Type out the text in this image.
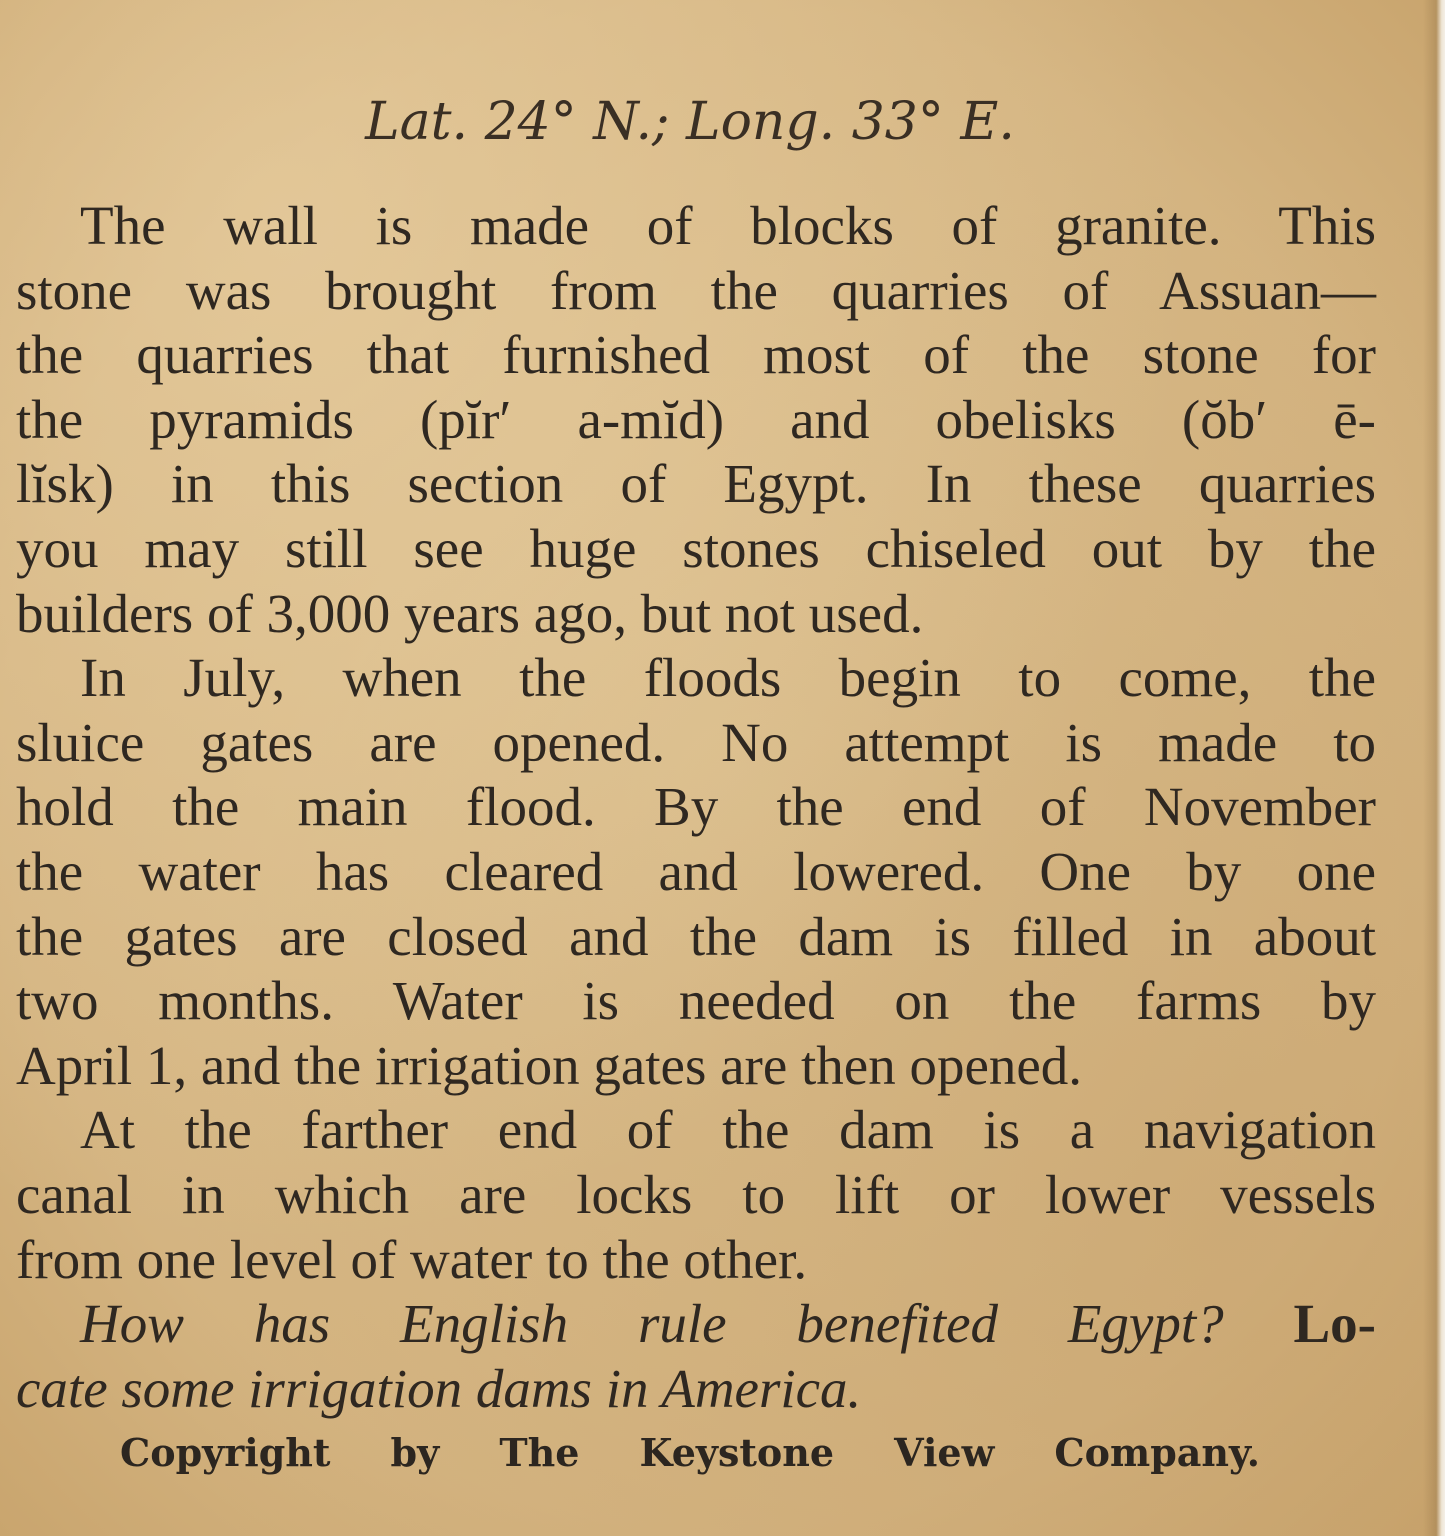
Lat. 24° N.; Long. 33° E.
The wall is made of blocks of granite. This
stone was brought from the quarries of Assuan—
the quarries that furnished most of the stone for
the pyramids (pĭr′ a-mĭd) and obelisks (ŏb′ ē-
lĭsk) in this section of Egypt. In these quarries
you may still see huge stones chiseled out by the
builders of 3,000 years ago, but not used.
In July, when the floods begin to come, the
sluice gates are opened. No attempt is made to
hold the main flood. By the end of November
the water has cleared and lowered. One by one
the gates are closed and the dam is filled in about
two months. Water is needed on the farms by
April 1, and the irrigation gates are then opened.
At the farther end of the dam is a navigation
canal in which are locks to lift or lower vessels
from one level of water to the other.
How has English rule benefited Egypt? Lo-
cate some irrigation dams in America.
Copyright by The Keystone View Company.
